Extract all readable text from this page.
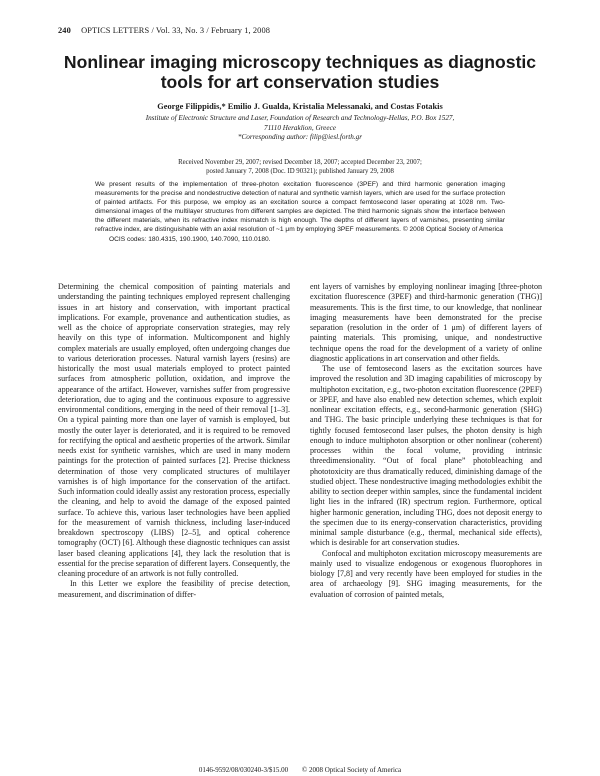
240 OPTICS LETTERS / Vol. 33, No. 3 / February 1, 2008
Nonlinear imaging microscopy techniques as diagnostic tools for art conservation studies
George Filippidis,* Emilio J. Gualda, Kristalia Melessanaki, and Costas Fotakis
Institute of Electronic Structure and Laser, Foundation of Research and Technology-Hellas, P.O. Box 1527,
71110 Heraklion, Greece
*Corresponding author: filip@iesl.forth.gr
Received November 29, 2007; revised December 18, 2007; accepted December 23, 2007;
posted January 7, 2008 (Doc. ID 90321); published January 29, 2008
We present results of the implementation of three-photon excitation fluorescence (3PEF) and third harmonic generation imaging measurements for the precise and nondestructive detection of natural and synthetic varnish layers, which are used for the surface protection of painted artifacts. For this purpose, we employ as an excitation source a compact femtosecond laser operating at 1028 nm. Two-dimensional images of the multilayer structures from different samples are depicted. The third harmonic signals show the interface between the different materials, when its refractive index mismatch is high enough. The depths of different layers of varnishes, presenting similar refractive index, are distinguishable with an axial resolution of ~1 μm by employing 3PEF measurements. © 2008 Optical Society of America
OCIS codes: 180.4315, 190.1900, 140.7090, 110.0180.

Determining the chemical composition of painting materials and understanding the painting techniques employed represent challenging issues in art history and conservation, with important practical implications. For example, provenance and authentication studies, as well as the choice of appropriate conservation strategies, may rely heavily on this type of information. Multicomponent and highly complex materials are usually employed, often undergoing changes due to various deterioration processes. Natural varnish layers (resins) are historically the most usual materials employed to protect painted surfaces from atmospheric pollution, oxidation, and improve the appearance of the artifact. However, varnishes suffer from progressive deterioration, due to aging and the continuous exposure to aggressive environmental conditions, emerging in the need of their removal [1–3]. On a typical painting more than one layer of varnish is employed, but mostly the outer layer is deteriorated, and it is required to be removed for rectifying the optical and aesthetic properties of the artwork. Similar needs exist for synthetic varnishes, which are used in many modern paintings for the protection of painted surfaces [2]. Precise thickness determination of those very complicated structures of multilayer varnishes is of high importance for the conservation of the artifact. Such information could ideally assist any restoration process, especially the cleaning, and help to avoid the damage of the exposed painted surface. To achieve this, various laser technologies have been applied for the measurement of varnish thickness, including laser-induced breakdown spectroscopy (LIBS) [2–5], and optical coherence tomography (OCT) [6]. Although these diagnostic techniques can assist laser based cleaning applications [4], they lack the resolution that is essential for the precise separation of different layers. Consequently, the cleaning procedure of an artwork is not fully controlled.

In this Letter we explore the feasibility of precise detection, measurement, and discrimination of differ-

ent layers of varnishes by employing nonlinear imaging [three-photon excitation fluorescence (3PEF) and third-harmonic generation (THG)] measurements. This is the first time, to our knowledge, that nonlinear imaging measurements have been demonstrated for the precise separation (resolution in the order of 1 μm) of different layers of painting materials. This promising, unique, and nondestructive technique opens the road for the development of a variety of online diagnostic applications in art conservation and other fields.

The use of femtosecond lasers as the excitation sources have improved the resolution and 3D imaging capabilities of microscopy by multiphoton excitation, e.g., two-photon excitation fluorescence (2PEF) or 3PEF, and have also enabled new detection schemes, which exploit nonlinear excitation effects, e.g., second-harmonic generation (SHG) and THG. The basic principle underlying these techniques is that for tightly focused femtosecond laser pulses, the photon density is high enough to induce multiphoton absorption or other nonlinear (coherent) processes within the focal volume, providing intrinsic threedimensionality. “Out of focal plane” photobleaching and phototoxicity are thus dramatically reduced, diminishing damage of the studied object. These nondestructive imaging methodologies exhibit the ability to section deeper within samples, since the fundamental incident light lies in the infrared (IR) spectrum region. Furthermore, optical higher harmonic generation, including THG, does not deposit energy to the specimen due to its energy-conservation characteristics, providing minimal sample disturbance (e.g., thermal, mechanical side effects), which is desirable for art conservation studies.

Confocal and multiphoton excitation microscopy measurements are mainly used to visualize endogenous or exogenous fluorophores in biology [7,8] and very recently have been employed for studies in the area of archaeology [9]. SHG imaging measurements, for the evaluation of corrosion of painted metals,

0146-9592/08/030240-3/$15.00 © 2008 Optical Society of America
